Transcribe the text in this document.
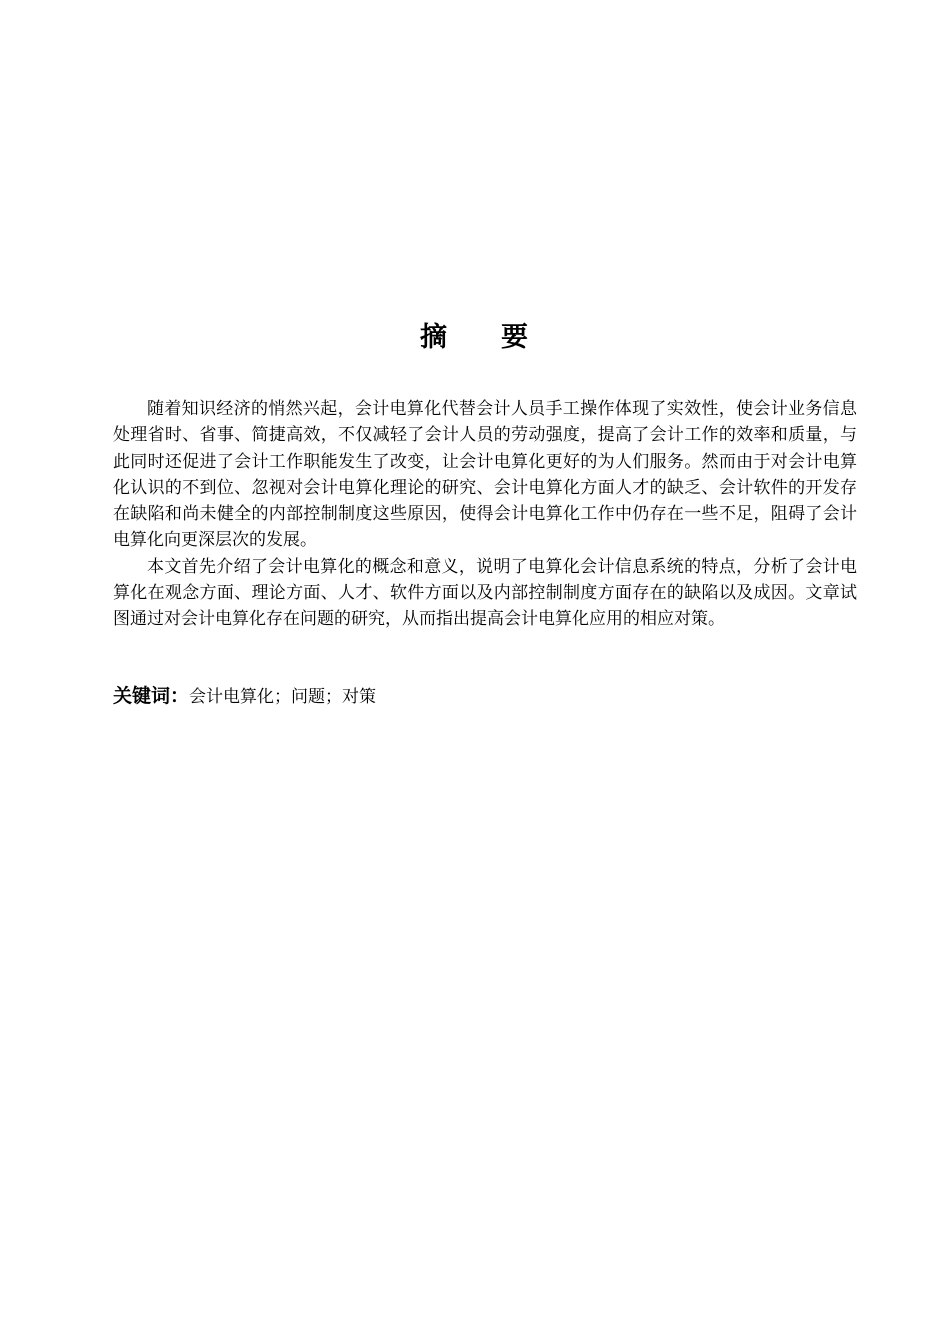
摘 要

随着知识经济的悄然兴起，会计电算化代替会计人员手工操作体现了实效性，使会计业务信息处理省时、省事、简捷高效，不仅减轻了会计人员的劳动强度，提高了会计工作的效率和质量，与此同时还促进了会计工作职能发生了改变，让会计电算化更好的为人们服务。然而由于对会计电算化认识的不到位、忽视对会计电算化理论的研究、会计电算化方面人才的缺乏、会计软件的开发存在缺陷和尚未健全的内部控制制度这些原因，使得会计电算化工作中仍存在一些不足，阻碍了会计电算化向更深层次的发展。

本文首先介绍了会计电算化的概念和意义，说明了电算化会计信息系统的特点，分析了会计电算化在观念方面、理论方面、人才、软件方面以及内部控制制度方面存在的缺陷以及成因。文章试图通过对会计电算化存在问题的研究，从而指出提高会计电算化应用的相应对策。

关键词：会计电算化；问题；对策
